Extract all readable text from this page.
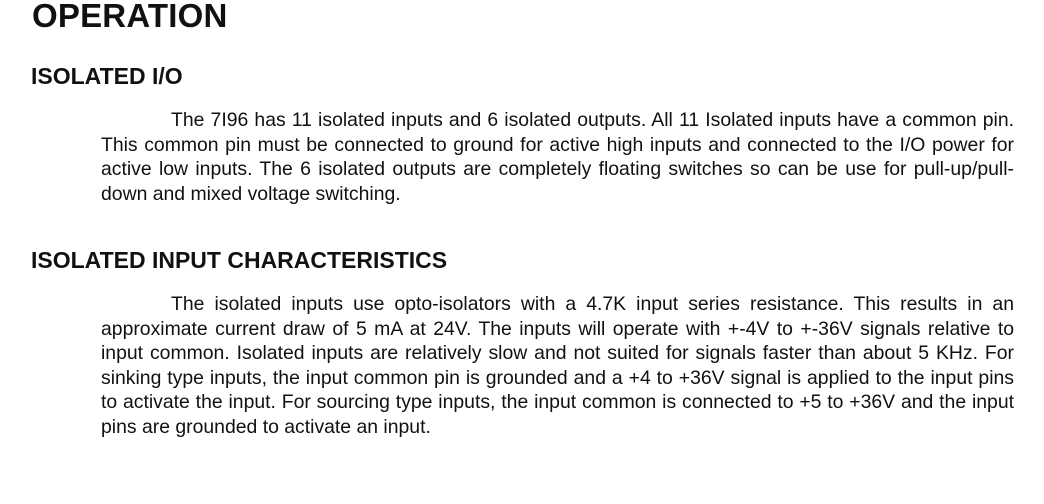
OPERATION
ISOLATED I/O

The 7I96 has 11 isolated inputs and 6 isolated outputs. All 11 Isolated inputs have a common pin. This common pin must be connected to ground for active high inputs and connected to the I/O power for active low inputs. The 6 isolated outputs are completely floating switches so can be use for pull-up/pull-down and mixed voltage switching.

ISOLATED INPUT CHARACTERISTICS

The isolated inputs use opto-isolators with a 4.7K input series resistance. This results in an approximate current draw of 5 mA at 24V. The inputs will operate with +-4V to +-36V signals relative to input common. Isolated inputs are relatively slow and not suited for signals faster than about 5 KHz. For sinking type inputs, the input common pin is grounded and a +4 to +36V signal is applied to the input pins to activate the input. For sourcing type inputs, the input common is connected to +5 to +36V and the input pins are grounded to activate an input.
